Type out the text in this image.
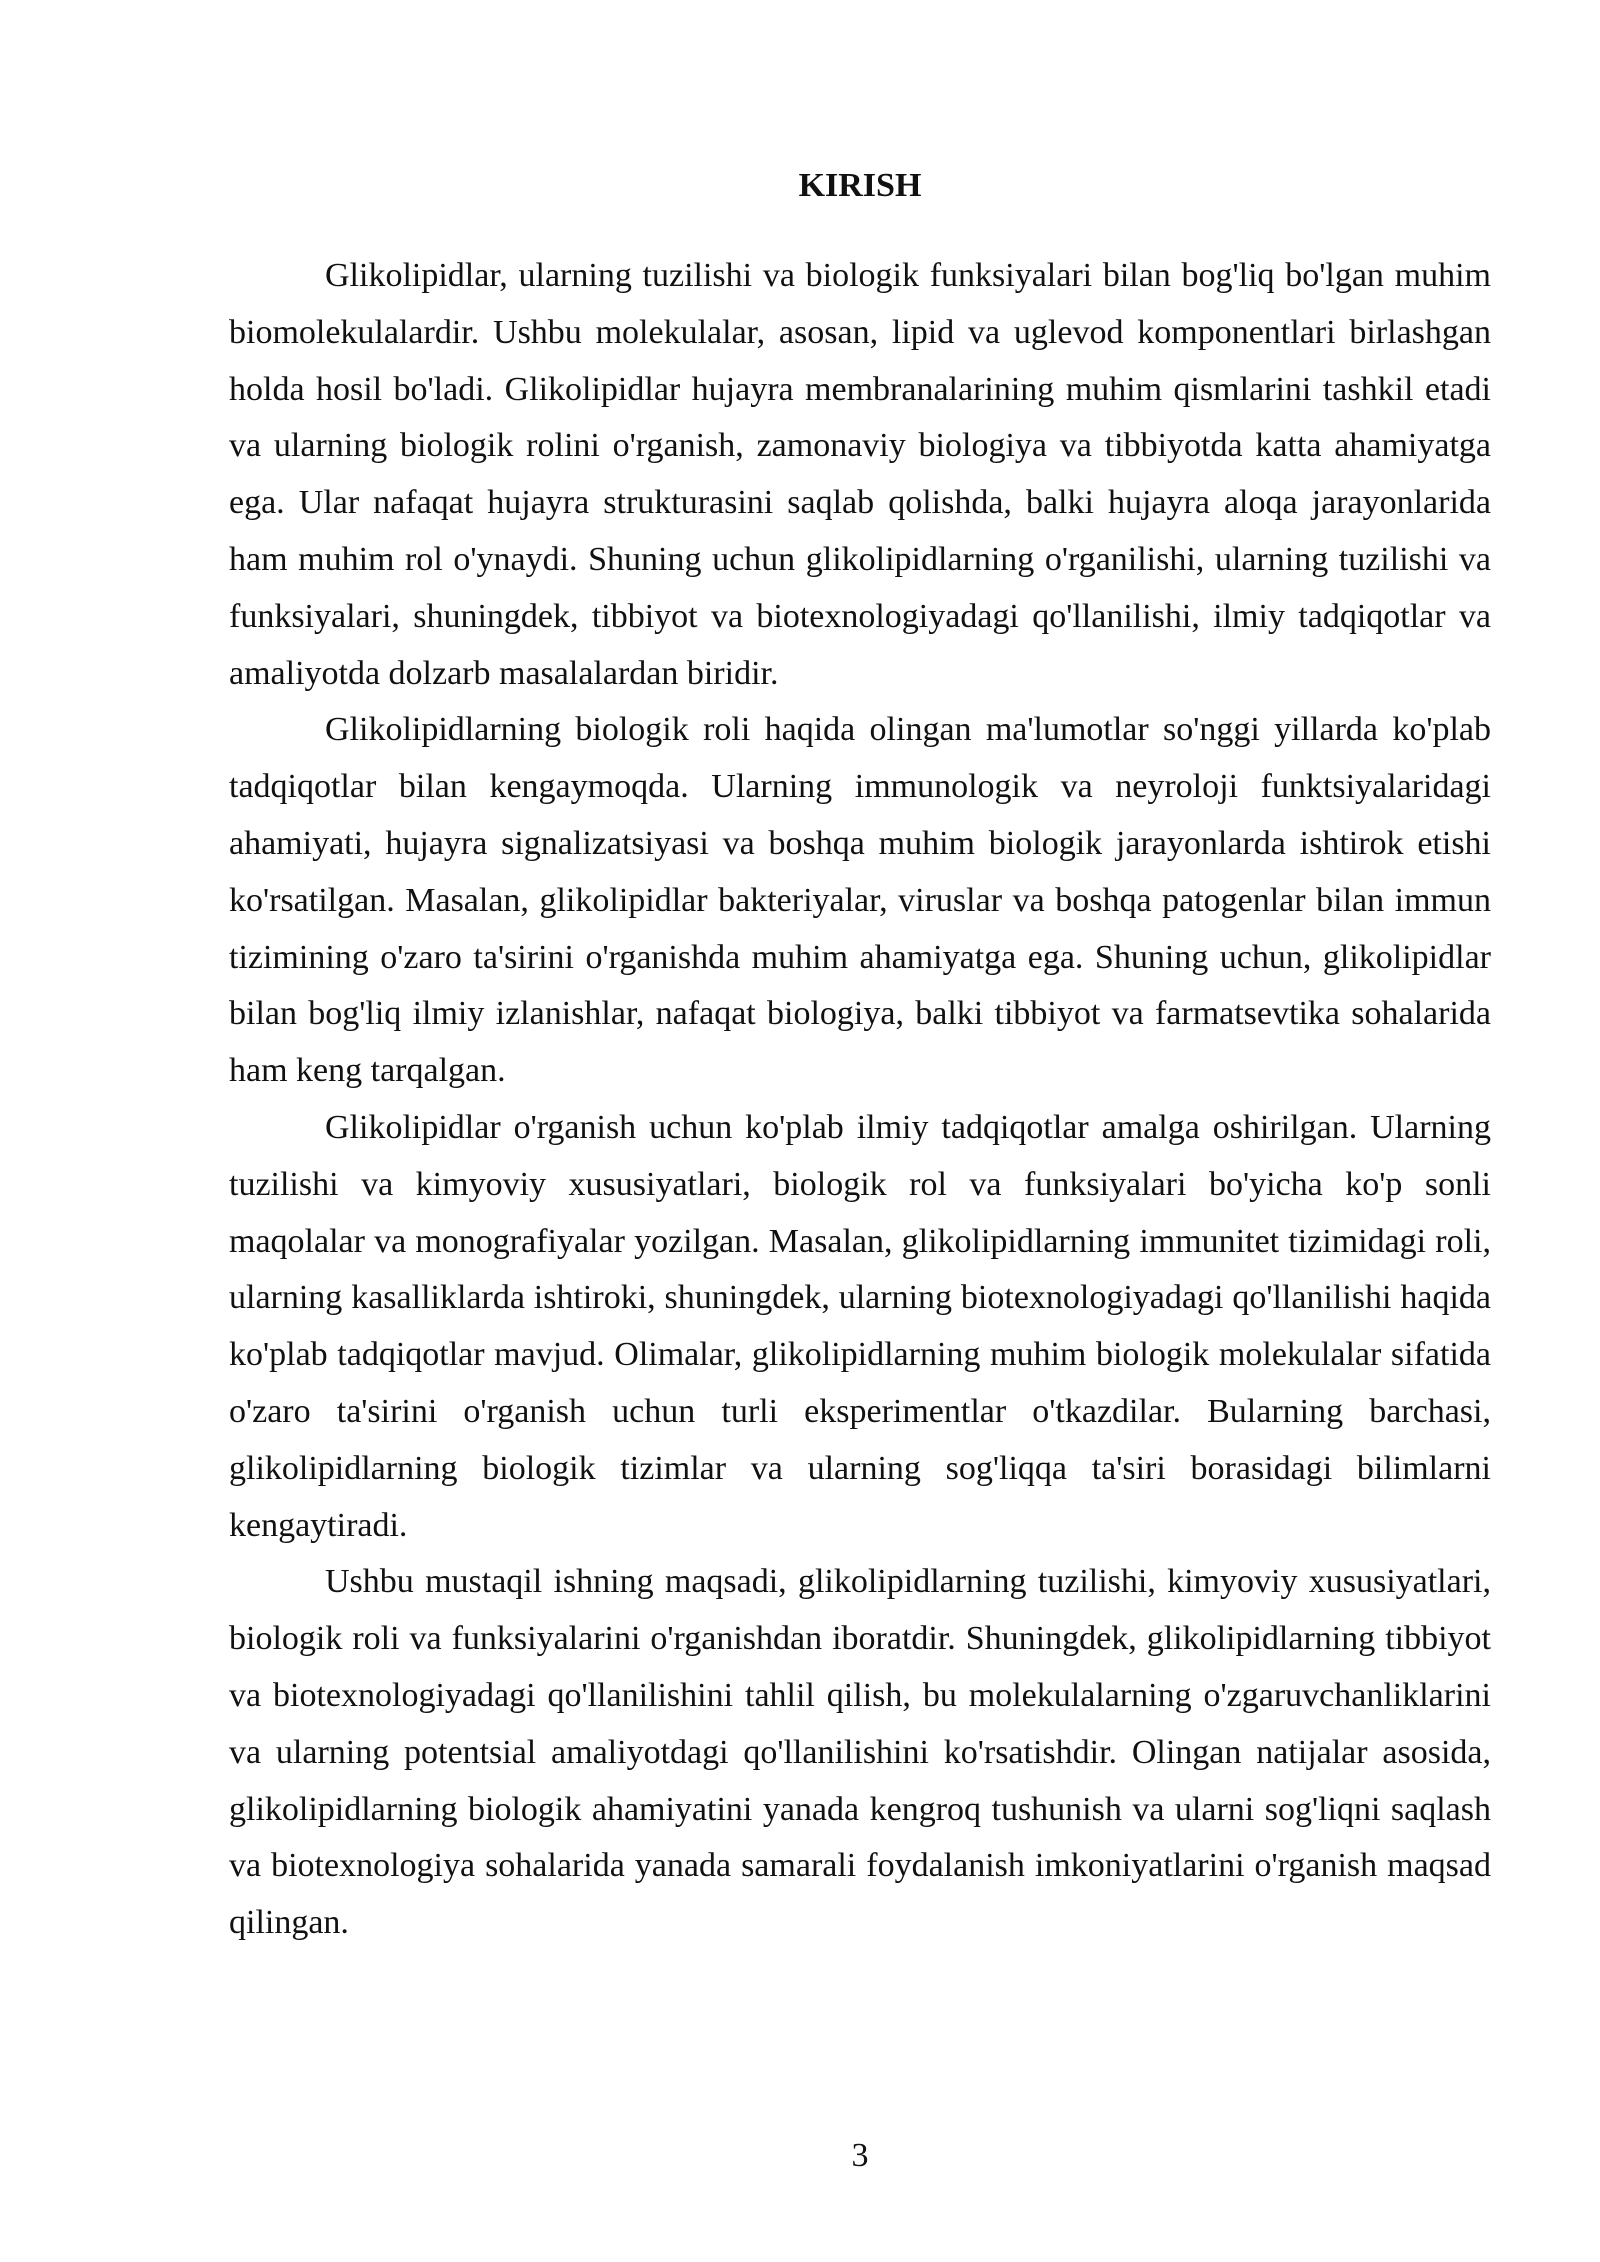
KIRISH

Glikolipidlar, ularning tuzilishi va biologik funksiyalari bilan bog'liq bo'lgan muhim biomolekulalardir. Ushbu molekulalar, asosan, lipid va uglevod komponentlari birlashgan holda hosil bo'ladi. Glikolipidlar hujayra membranalarining muhim qismlarini tashkil etadi va ularning biologik rolini o'rganish, zamonaviy biologiya va tibbiyotda katta ahamiyatga ega. Ular nafaqat hujayra strukturasini saqlab qolishda, balki hujayra aloqa jarayonlarida ham muhim rol o'ynaydi. Shuning uchun glikolipidlarning o'rganilishi, ularning tuzilishi va funksiyalari, shuningdek, tibbiyot va biotexnologiyadagi qo'llanilishi, ilmiy tadqiqotlar va amaliyotda dolzarb masalalardan biridir.

Glikolipidlarning biologik roli haqida olingan ma'lumotlar so'nggi yillarda ko'plab tadqiqotlar bilan kengaymoqda. Ularning immunologik va neyroloji funktsiyalaridagi ahamiyati, hujayra signalizatsiyasi va boshqa muhim biologik jarayonlarda ishtirok etishi ko'rsatilgan. Masalan, glikolipidlar bakteriyalar, viruslar va boshqa patogenlar bilan immun tizimining o'zaro ta'sirini o'rganishda muhim ahamiyatga ega. Shuning uchun, glikolipidlar bilan bog'liq ilmiy izlanishlar, nafaqat biologiya, balki tibbiyot va farmatsevtika sohalarida ham keng tarqalgan.

Glikolipidlar o'rganish uchun ko'plab ilmiy tadqiqotlar amalga oshirilgan. Ularning tuzilishi va kimyoviy xususiyatlari, biologik rol va funksiyalari bo'yicha ko'p sonli maqolalar va monografiyalar yozilgan. Masalan, glikolipidlarning immunitet tizimidagi roli, ularning kasalliklarda ishtiroki, shuningdek, ularning biotexnologiyadagi qo'llanilishi haqida ko'plab tadqiqotlar mavjud. Olimalar, glikolipidlarning muhim biologik molekulalar sifatida o'zaro ta'sirini o'rganish uchun turli eksperimentlar o'tkazdilar. Bularning barchasi, glikolipidlarning biologik tizimlar va ularning sog'liqqa ta'siri borasidagi bilimlarni kengaytiradi.

Ushbu mustaqil ishning maqsadi, glikolipidlarning tuzilishi, kimyoviy xususiyatlari, biologik roli va funksiyalarini o'rganishdan iboratdir. Shuningdek, glikolipidlarning tibbiyot va biotexnologiyadagi qo'llanilishini tahlil qilish, bu molekulalarning o'zgaruvchanliklarini va ularning potentsial amaliyotdagi qo'llanilishini ko'rsatishdir. Olingan natijalar asosida, glikolipidlarning biologik ahamiyatini yanada kengroq tushunish va ularni sog'liqni saqlash va biotexnologiya sohalarida yanada samarali foydalanish imkoniyatlarini o'rganish maqsad qilingan.

3
